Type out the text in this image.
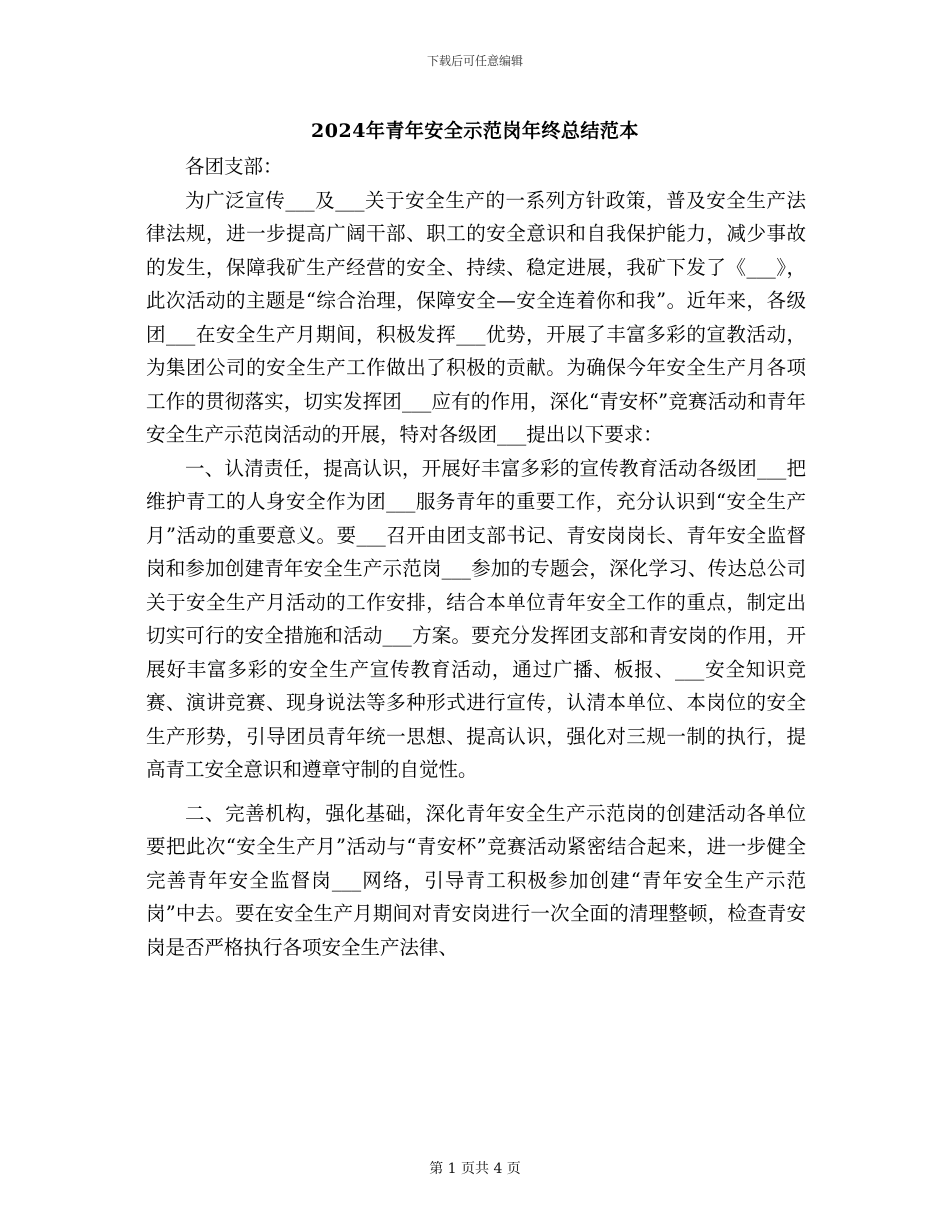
下载后可任意编辑
2024年青年安全示范岗年终总结范本

各团支部：

为广泛宣传___及___关于安全生产的一系列方针政策，普及安全生产法律法规，进一步提高广阔干部、职工的安全意识和自我保护能力，减少事故的发生，保障我矿生产经营的安全、持续、稳定进展，我矿下发了《___》，此次活动的主题是“综合治理，保障安全—安全连着你和我”。近年来，各级团___在安全生产月期间，积极发挥___优势，开展了丰富多彩的宣教活动，为集团公司的安全生产工作做出了积极的贡献。为确保今年安全生产月各项工作的贯彻落实，切实发挥团___应有的作用，深化“青安杯”竞赛活动和青年安全生产示范岗活动的开展，特对各级团___提出以下要求：

一、认清责任，提高认识，开展好丰富多彩的宣传教育活动各级团___把维护青工的人身安全作为团___服务青年的重要工作，充分认识到“安全生产月”活动的重要意义。要___召开由团支部书记、青安岗岗长、青年安全监督岗和参加创建青年安全生产示范岗___参加的专题会，深化学习、传达总公司关于安全生产月活动的工作安排，结合本单位青年安全工作的重点，制定出切实可行的安全措施和活动___方案。要充分发挥团支部和青安岗的作用，开展好丰富多彩的安全生产宣传教育活动，通过广播、板报、___安全知识竞赛、演讲竞赛、现身说法等多种形式进行宣传，认清本单位、本岗位的安全生产形势，引导团员青年统一思想、提高认识，强化对三规一制的执行，提高青工安全意识和遵章守制的自觉性。

二、完善机构，强化基础，深化青年安全生产示范岗的创建活动各单位要把此次“安全生产月”活动与“青安杯”竞赛活动紧密结合起来，进一步健全完善青年安全监督岗___网络，引导青工积极参加创建“青年安全生产示范岗”中去。要在安全生产月期间对青安岗进行一次全面的清理整顿，检查青安岗是否严格执行各项安全生产法律、

第 1 页共 4 页
